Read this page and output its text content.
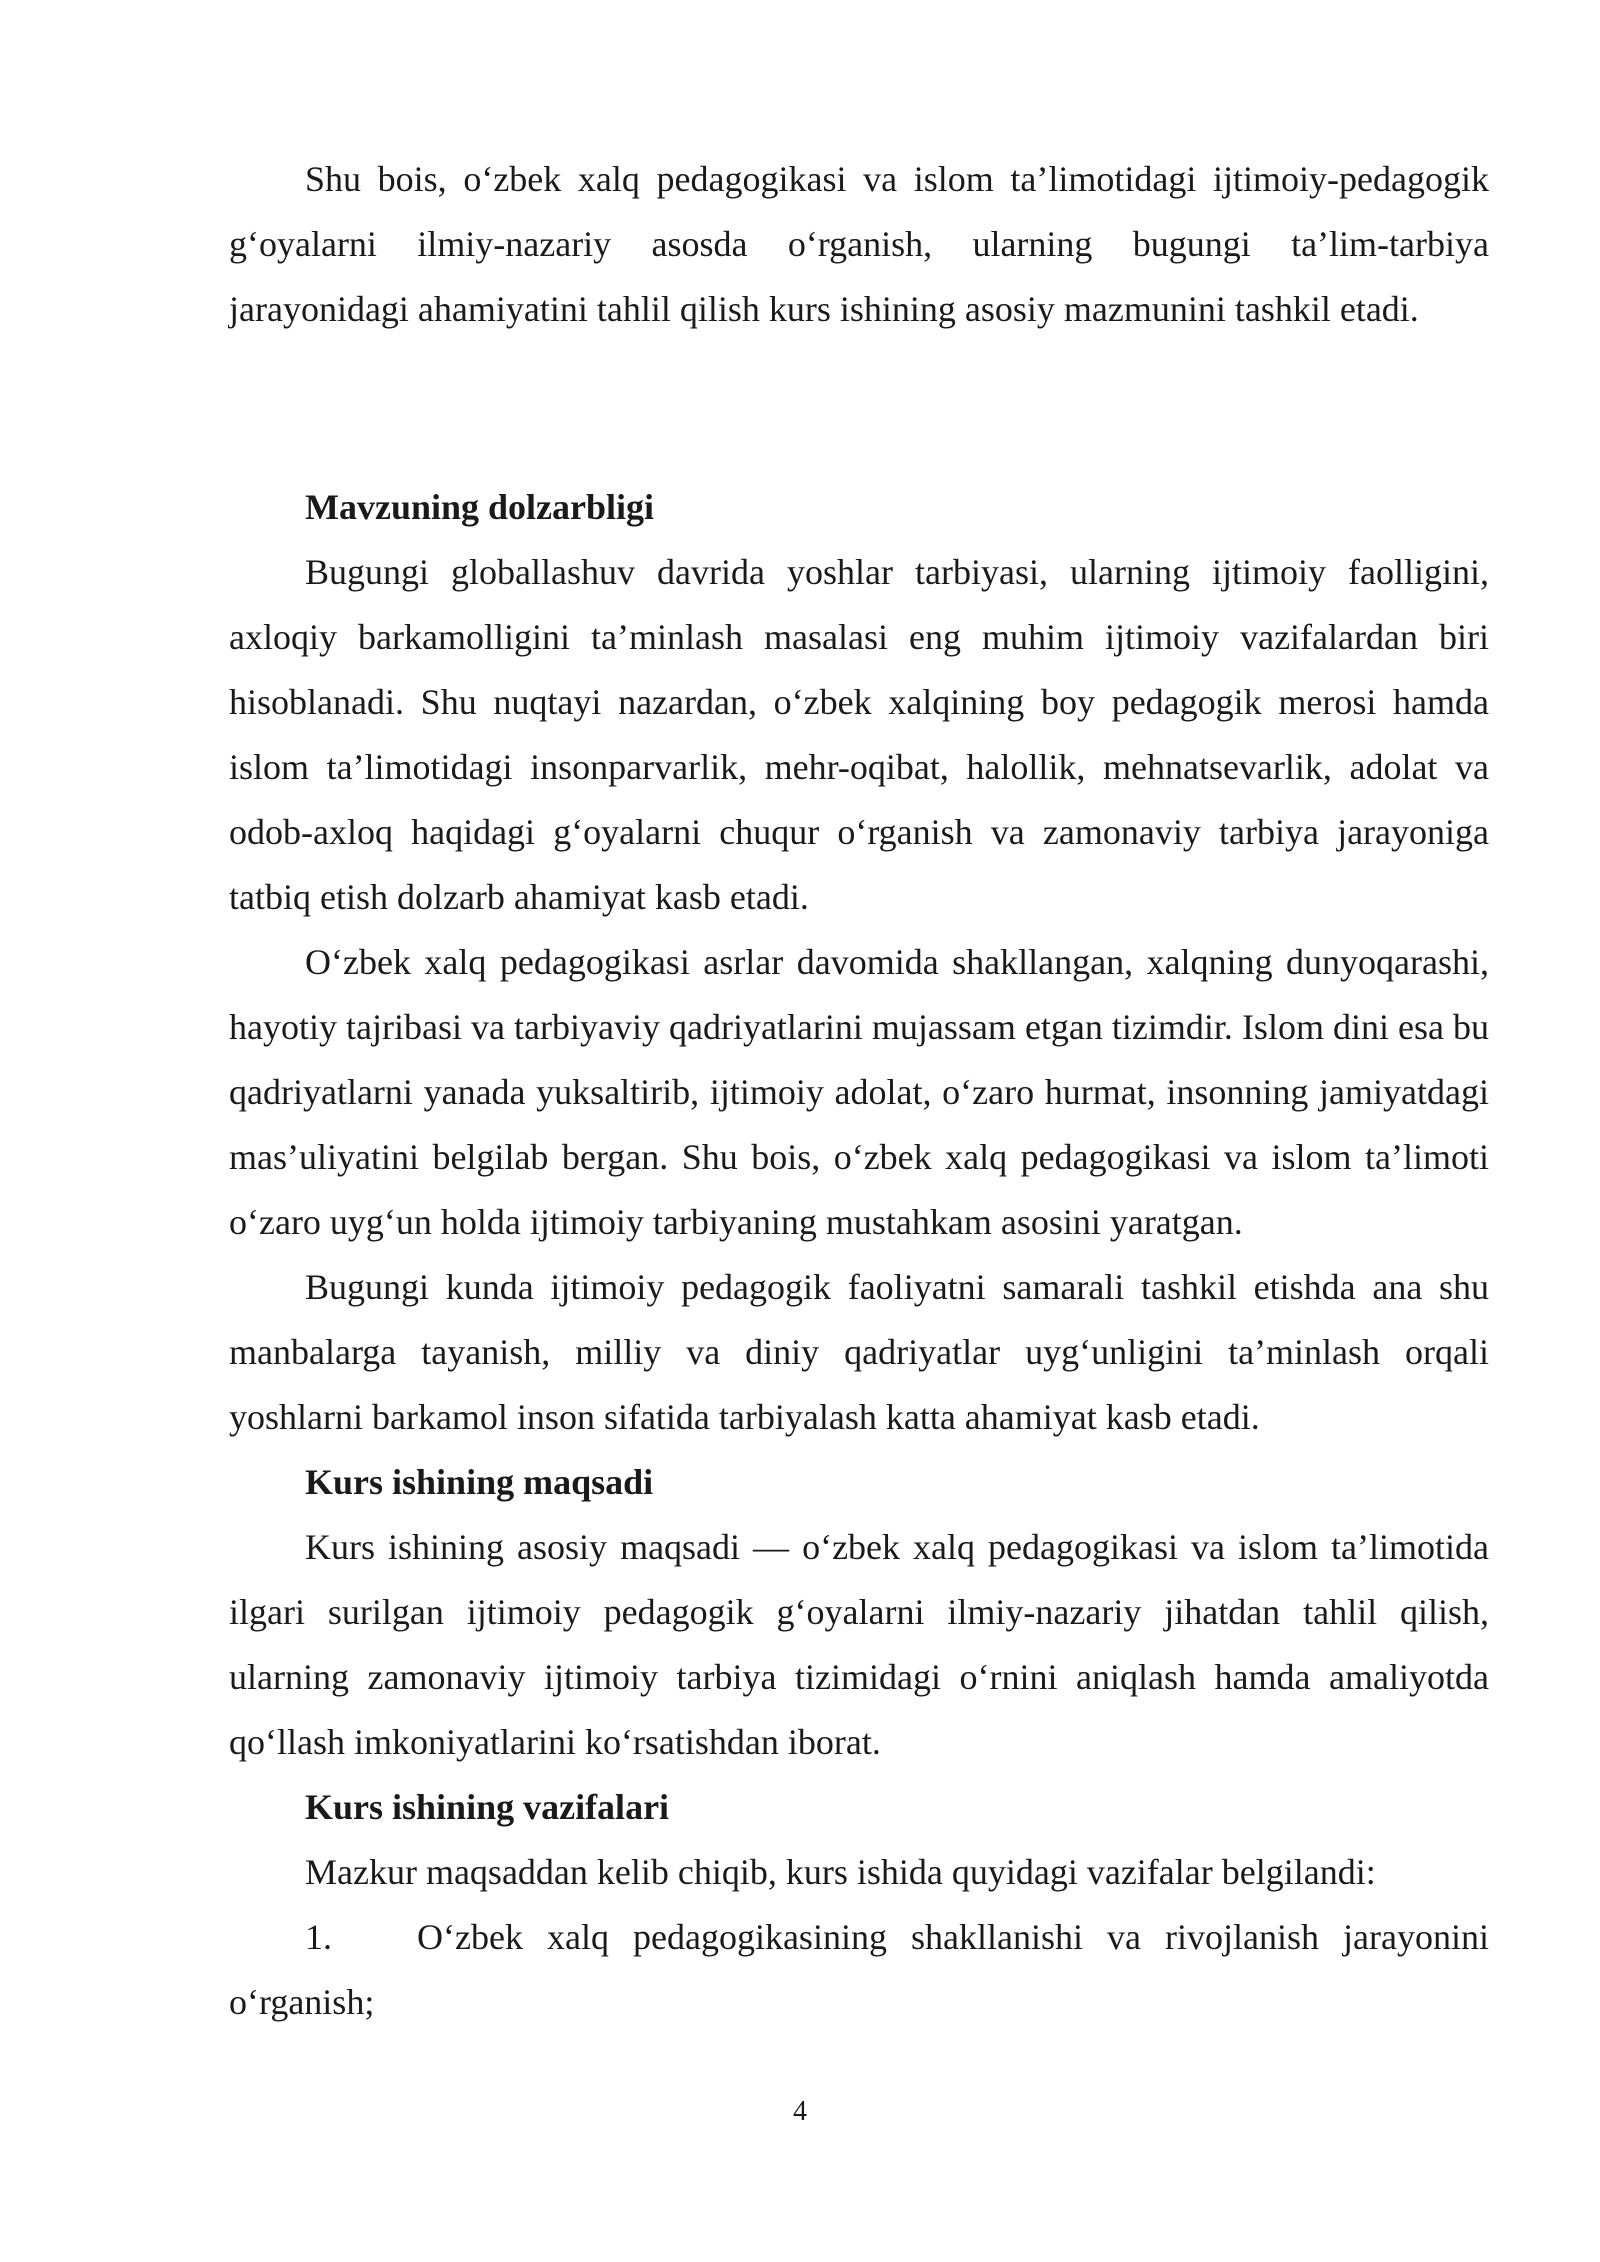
Shu bois, o‘zbek xalq pedagogikasi va islom ta’limotidagi ijtimoiy-pedagogik g‘oyalarni ilmiy-nazariy asosda o‘rganish, ularning bugungi ta’lim-tarbiya jarayonidagi ahamiyatini tahlil qilish kurs ishining asosiy mazmunini tashkil etadi.

Mavzuning dolzarbligi

Bugungi globallashuv davrida yoshlar tarbiyasi, ularning ijtimoiy faolligini, axloqiy barkamolligini ta’minlash masalasi eng muhim ijtimoiy vazifalardan biri hisoblanadi. Shu nuqtayi nazardan, o‘zbek xalqining boy pedagogik merosi hamda islom ta’limotidagi insonparvarlik, mehr-oqibat, halollik, mehnatsevarlik, adolat va odob-axloq haqidagi g‘oyalarni chuqur o‘rganish va zamonaviy tarbiya jarayoniga tatbiq etish dolzarb ahamiyat kasb etadi.

O‘zbek xalq pedagogikasi asrlar davomida shakllangan, xalqning dunyoqarashi, hayotiy tajribasi va tarbiyaviy qadriyatlarini mujassam etgan tizimdir. Islom dini esa bu qadriyatlarni yanada yuksaltirib, ijtimoiy adolat, o‘zaro hurmat, insonning jamiyatdagi mas’uliyatini belgilab bergan. Shu bois, o‘zbek xalq pedagogikasi va islom ta’limoti o‘zaro uyg‘un holda ijtimoiy tarbiyaning mustahkam asosini yaratgan.

Bugungi kunda ijtimoiy pedagogik faoliyatni samarali tashkil etishda ana shu manbalarga tayanish, milliy va diniy qadriyatlar uyg‘unligini ta’minlash orqali yoshlarni barkamol inson sifatida tarbiyalash katta ahamiyat kasb etadi.

Kurs ishining maqsadi

Kurs ishining asosiy maqsadi — o‘zbek xalq pedagogikasi va islom ta’limotida ilgari surilgan ijtimoiy pedagogik g‘oyalarni ilmiy-nazariy jihatdan tahlil qilish, ularning zamonaviy ijtimoiy tarbiya tizimidagi o‘rnini aniqlash hamda amaliyotda qo‘llash imkoniyatlarini ko‘rsatishdan iborat.

Kurs ishining vazifalari

Mazkur maqsaddan kelib chiqib, kurs ishida quyidagi vazifalar belgilandi:

1. O‘zbek xalq pedagogikasining shakllanishi va rivojlanish jarayonini o‘rganish;

4
